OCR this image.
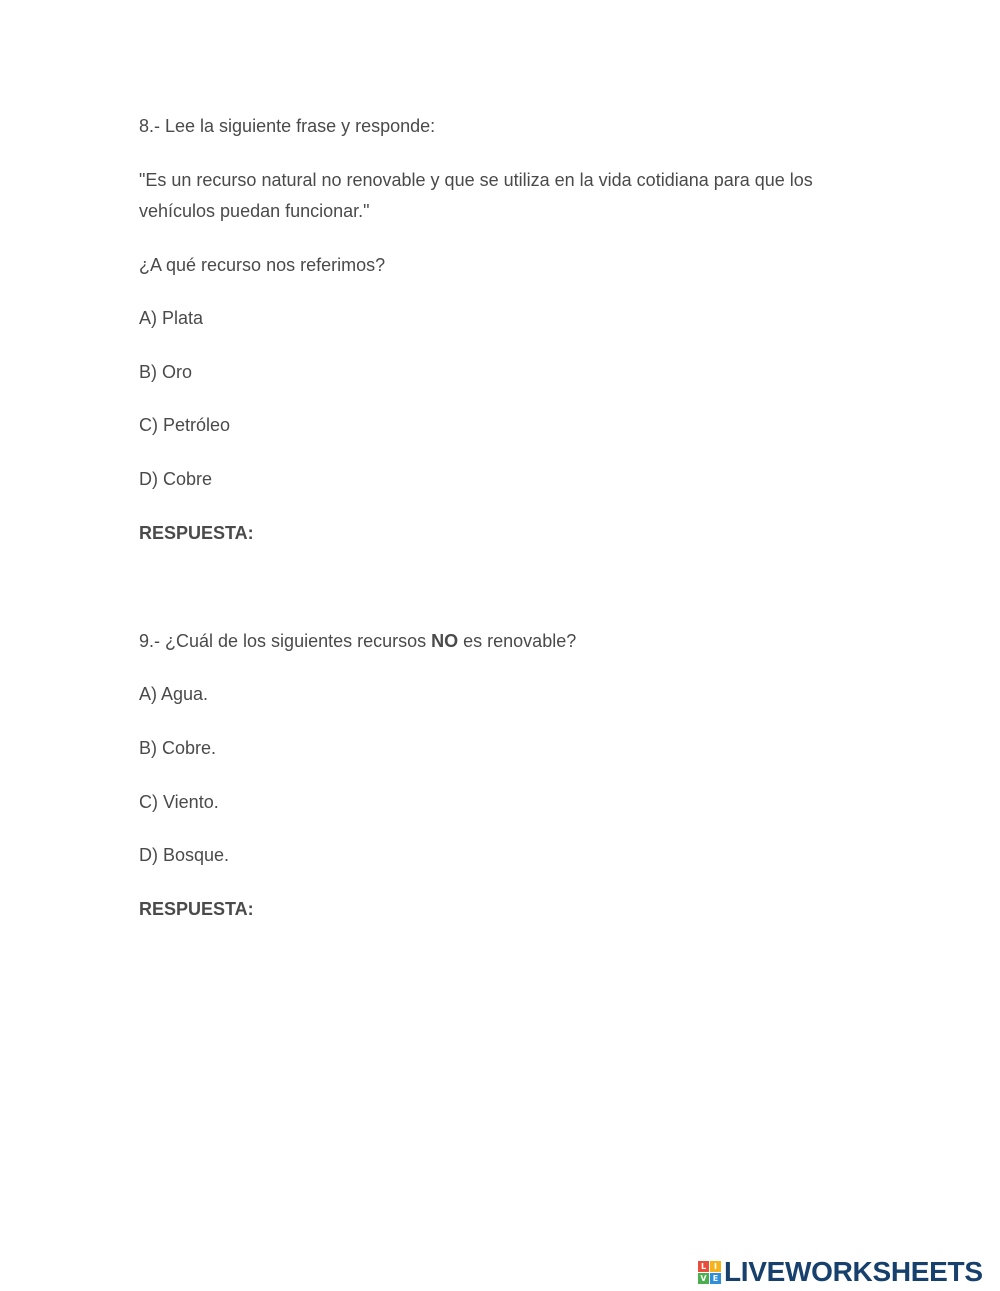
8.- Lee la siguiente frase y responde:
"Es un recurso natural no renovable y que se utiliza en la vida cotidiana para que los
vehículos puedan funcionar."
¿A qué recurso nos referimos?
A) Plata
B) Oro
C) Petróleo
D) Cobre
RESPUESTA:
9.- ¿Cuál de los siguientes recursos NO es renovable?
A) Agua.
B) Cobre.
C) Viento.
D) Bosque.
RESPUESTA:
L I
V E LIVEWORKSHEETS
